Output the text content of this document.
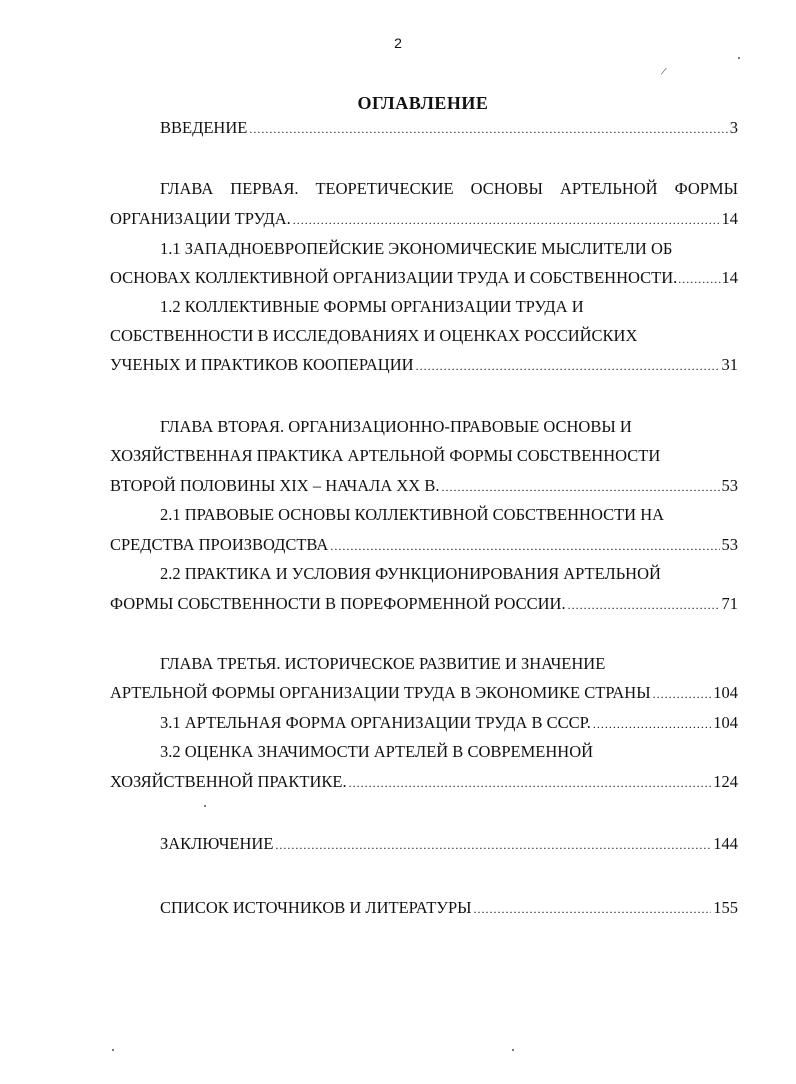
2
/
ОГЛАВЛЕНИЕ
ВВЕДЕНИЕ .....	3
ГЛАВА ПЕРВАЯ. ТЕОРЕТИЧЕСКИЕ ОСНОВЫ АРТЕЛЬНОЙ ФОРМЫ
ОРГАНИЗАЦИИ ТРУДА. .....	14
1.1 ЗАПАДНОЕВРОПЕЙСКИЕ ЭКОНОМИЧЕСКИЕ МЫСЛИТЕЛИ ОБ
ОСНОВАХ КОЛЛЕКТИВНОЙ ОРГАНИЗАЦИИ ТРУДА И СОБСТВЕННОСТИ. .....	14
1.2 КОЛЛЕКТИВНЫЕ ФОРМЫ ОРГАНИЗАЦИИ ТРУДА И
СОБСТВЕННОСТИ В ИССЛЕДОВАНИЯХ И ОЦЕНКАХ РОССИЙСКИХ
УЧЕНЫХ И ПРАКТИКОВ КООПЕРАЦИИ .....	31
ГЛАВА ВТОРАЯ. ОРГАНИЗАЦИОННО-ПРАВОВЫЕ ОСНОВЫ И
ХОЗЯЙСТВЕННАЯ ПРАКТИКА АРТЕЛЬНОЙ ФОРМЫ СОБСТВЕННОСТИ
ВТОРОЙ ПОЛОВИНЫ XIX – НАЧАЛА XX В. .....	53
2.1 ПРАВОВЫЕ ОСНОВЫ КОЛЛЕКТИВНОЙ СОБСТВЕННОСТИ НА
СРЕДСТВА ПРОИЗВОДСТВА .....	53
2.2 ПРАКТИКА И УСЛОВИЯ ФУНКЦИОНИРОВАНИЯ АРТЕЛЬНОЙ
ФОРМЫ СОБСТВЕННОСТИ В ПОРЕФОРМЕННОЙ РОССИИ. .....	71
ГЛАВА ТРЕТЬЯ. ИСТОРИЧЕСКОЕ РАЗВИТИЕ И ЗНАЧЕНИЕ
АРТЕЛЬНОЙ ФОРМЫ ОРГАНИЗАЦИИ ТРУДА В ЭКОНОМИКЕ СТРАНЫ .....	104
3.1 АРТЕЛЬНАЯ ФОРМА ОРГАНИЗАЦИИ ТРУДА В СССР. .....	104
3.2 ОЦЕНКА ЗНАЧИМОСТИ АРТЕЛЕЙ В СОВРЕМЕННОЙ
ХОЗЯЙСТВЕННОЙ ПРАКТИКЕ. .....	124
ЗАКЛЮЧЕНИЕ .....	144
СПИСОК ИСТОЧНИКОВ И ЛИТЕРАТУРЫ .....	155
